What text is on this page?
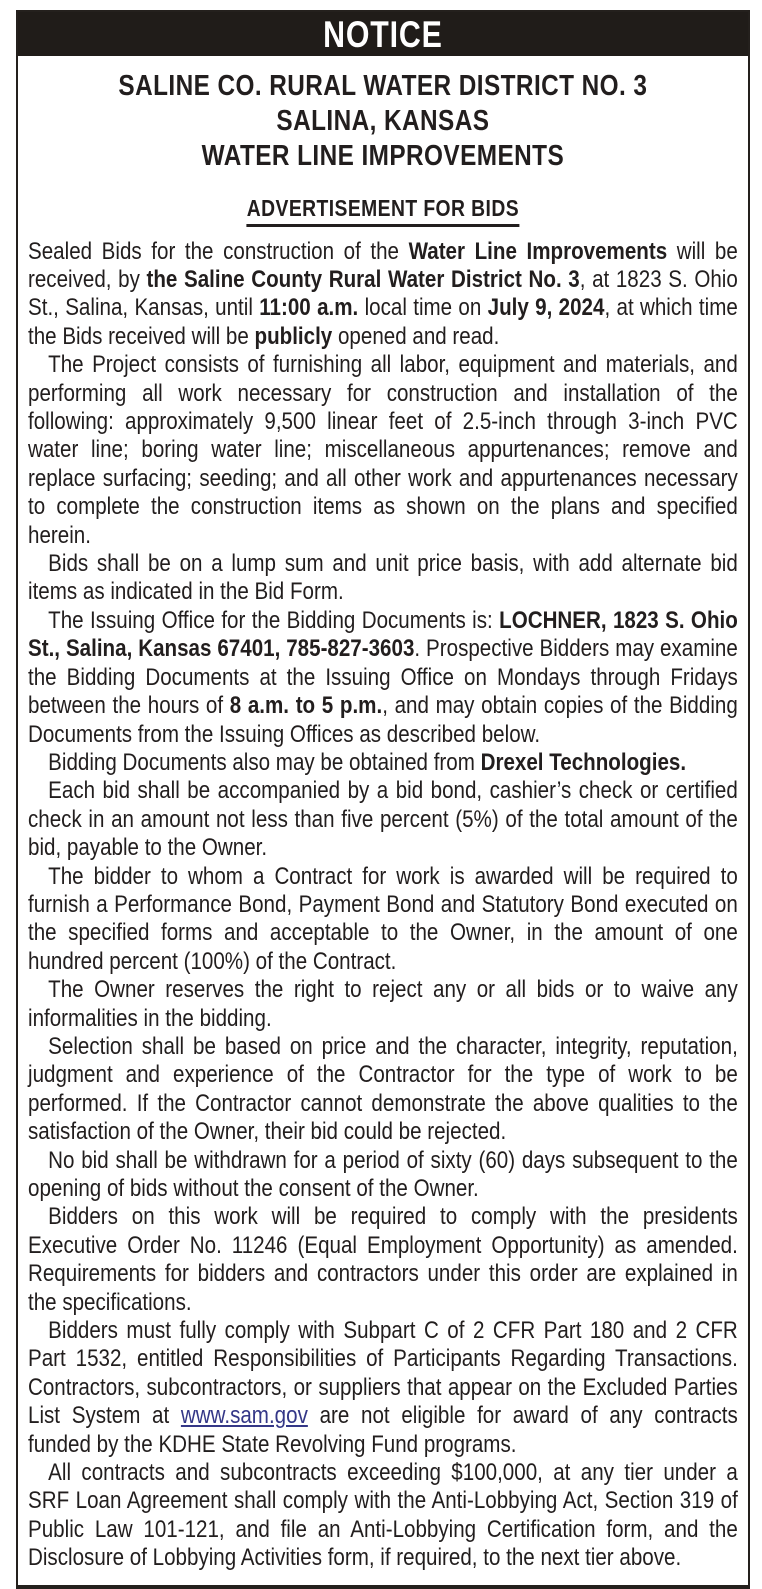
NOTICE
SALINE CO. RURAL WATER DISTRICT NO. 3
SALINA, KANSAS
WATER LINE IMPROVEMENTS
ADVERTISEMENT FOR BIDS

Sealed Bids for the construction of the Water Line Improvements will be received, by the Saline County Rural Water District No. 3, at 1823 S. Ohio St., Salina, Kansas, until 11:00 a.m. local time on July 9, 2024, at which time the Bids received will be publicly opened and read.

The Project consists of furnishing all labor, equipment and materials, and performing all work necessary for construction and installation of the following: approximately 9,500 linear feet of 2.5-inch through 3-inch PVC water line; boring water line; miscellaneous appurtenances; remove and replace surfacing; seeding; and all other work and appurtenances necessary to complete the construction items as shown on the plans and specified herein.

Bids shall be on a lump sum and unit price basis, with add alternate bid items as indicated in the Bid Form.

The Issuing Office for the Bidding Documents is: LOCHNER, 1823 S. Ohio St., Salina, Kansas 67401, 785-827-3603. Prospective Bidders may examine the Bidding Documents at the Issuing Office on Mondays through Fridays between the hours of 8 a.m. to 5 p.m., and may obtain copies of the Bidding Documents from the Issuing Offices as described below.

Bidding Documents also may be obtained from Drexel Technologies.

Each bid shall be accompanied by a bid bond, cashier’s check or certified check in an amount not less than five percent (5%) of the total amount of the bid, payable to the Owner.

The bidder to whom a Contract for work is awarded will be required to furnish a Performance Bond, Payment Bond and Statutory Bond executed on the specified forms and acceptable to the Owner, in the amount of one hundred percent (100%) of the Contract.

The Owner reserves the right to reject any or all bids or to waive any informalities in the bidding.

Selection shall be based on price and the character, integrity, reputation, judgment and experience of the Contractor for the type of work to be performed. If the Contractor cannot demonstrate the above qualities to the satisfaction of the Owner, their bid could be rejected.

No bid shall be withdrawn for a period of sixty (60) days subsequent to the opening of bids without the consent of the Owner.

Bidders on this work will be required to comply with the presidents Executive Order No. 11246 (Equal Employment Opportunity) as amended. Requirements for bidders and contractors under this order are explained in the specifications.

Bidders must fully comply with Subpart C of 2 CFR Part 180 and 2 CFR Part 1532, entitled Responsibilities of Participants Regarding Transactions. Contractors, subcontractors, or suppliers that appear on the Excluded Parties List System at www.sam.gov are not eligible for award of any contracts funded by the KDHE State Revolving Fund programs.

All contracts and subcontracts exceeding $100,000, at any tier under a SRF Loan Agreement shall comply with the Anti-Lobbying Act, Section 319 of Public Law 101-121, and file an Anti-Lobbying Certification form, and the Disclosure of Lobbying Activities form, if required, to the next tier above.
